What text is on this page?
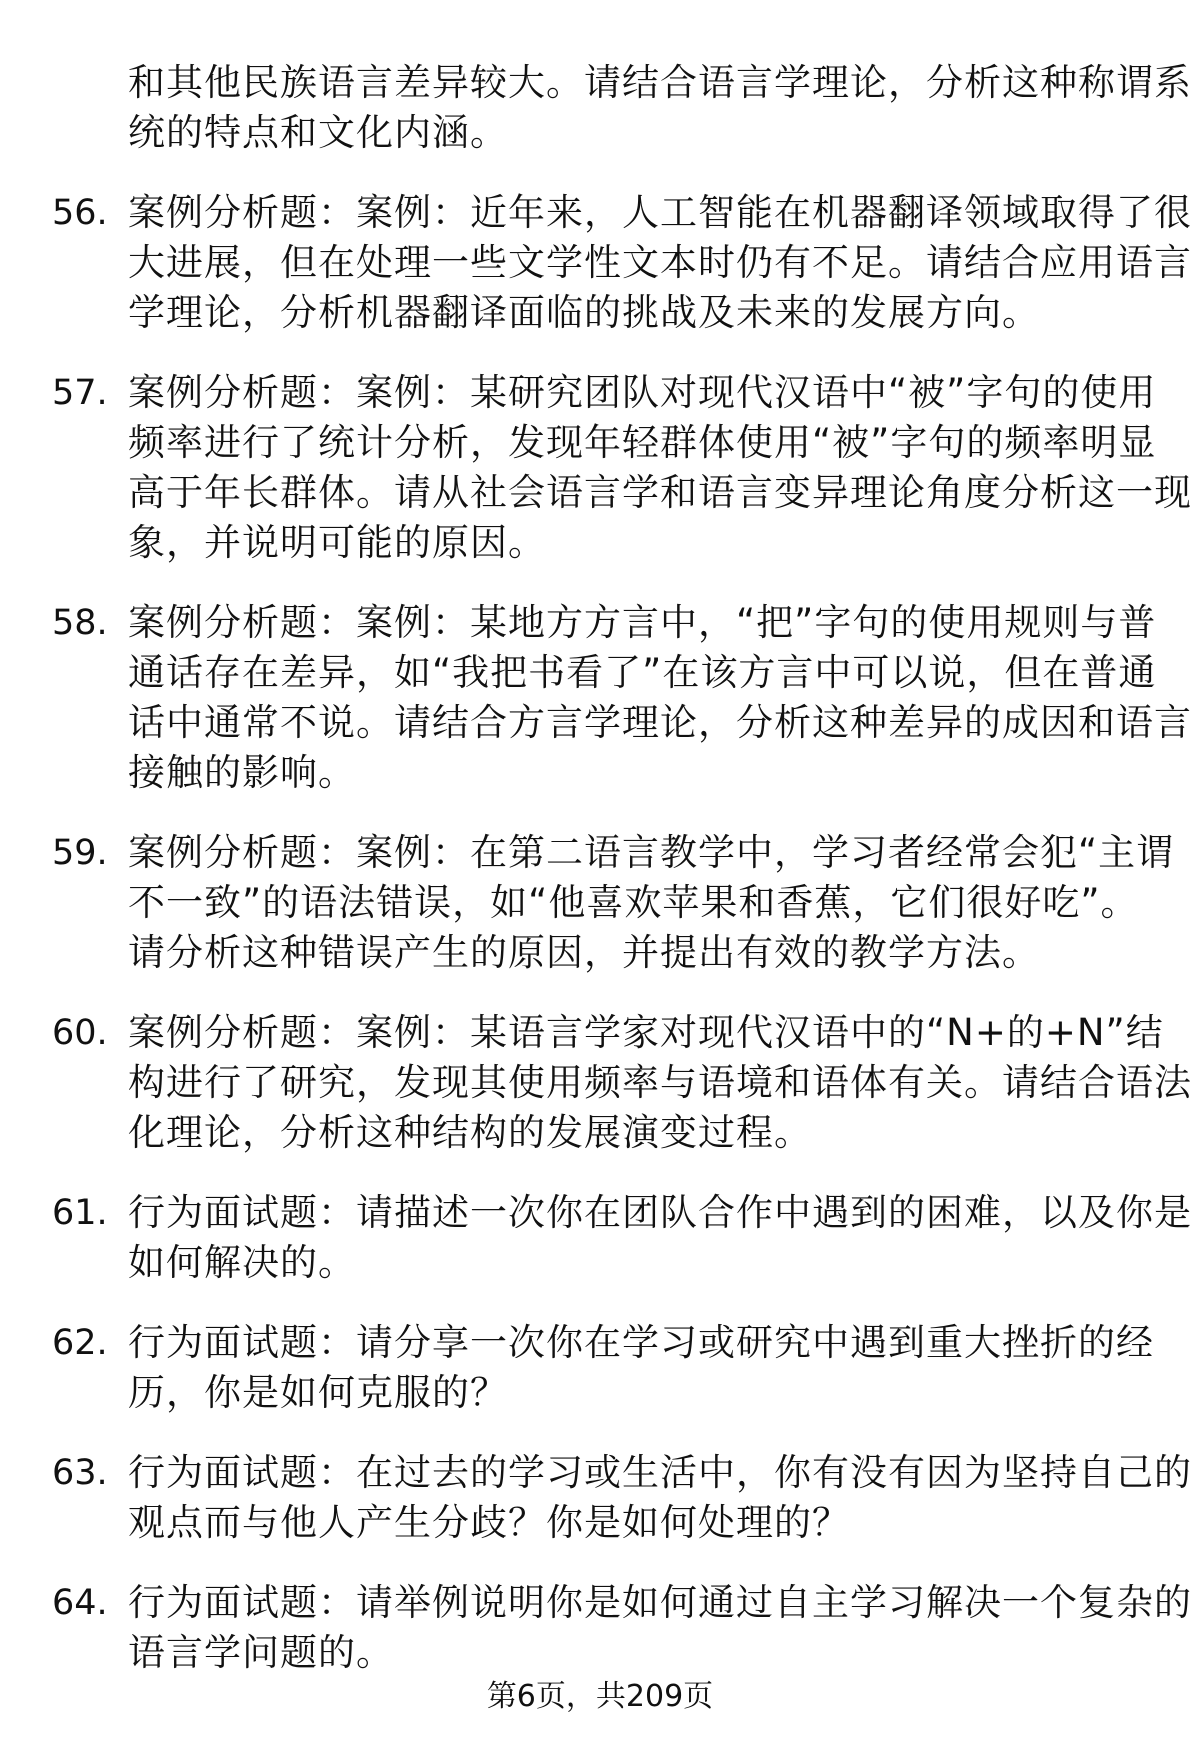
和其他民族语言差异较大。请结合语言学理论，分析这种称谓系
统的特点和文化内涵。
56. 案例分析题：案例：近年来，人工智能在机器翻译领域取得了很
大进展，但在处理一些文学性文本时仍有不足。请结合应用语言
学理论，分析机器翻译面临的挑战及未来的发展方向。
57. 案例分析题：案例：某研究团队对现代汉语中“被”字句的使用
频率进行了统计分析，发现年轻群体使用“被”字句的频率明显
高于年长群体。请从社会语言学和语言变异理论角度分析这一现
象，并说明可能的原因。
58. 案例分析题：案例：某地方方言中，“把”字句的使用规则与普
通话存在差异，如“我把书看了”在该方言中可以说，但在普通
话中通常不说。请结合方言学理论，分析这种差异的成因和语言
接触的影响。
59. 案例分析题：案例：在第二语言教学中，学习者经常会犯“主谓
不一致”的语法错误，如“他喜欢苹果和香蕉，它们很好吃”。
请分析这种错误产生的原因，并提出有效的教学方法。
60. 案例分析题：案例：某语言学家对现代汉语中的“N+的+N”结
构进行了研究，发现其使用频率与语境和语体有关。请结合语法
化理论，分析这种结构的发展演变过程。
61. 行为面试题：请描述一次你在团队合作中遇到的困难，以及你是
如何解决的。
62. 行为面试题：请分享一次你在学习或研究中遇到重大挫折的经
历，你是如何克服的？
63. 行为面试题：在过去的学习或生活中，你有没有因为坚持自己的
观点而与他人产生分歧？你是如何处理的？
64. 行为面试题：请举例说明你是如何通过自主学习解决一个复杂的
语言学问题的。
第6页，共209页
